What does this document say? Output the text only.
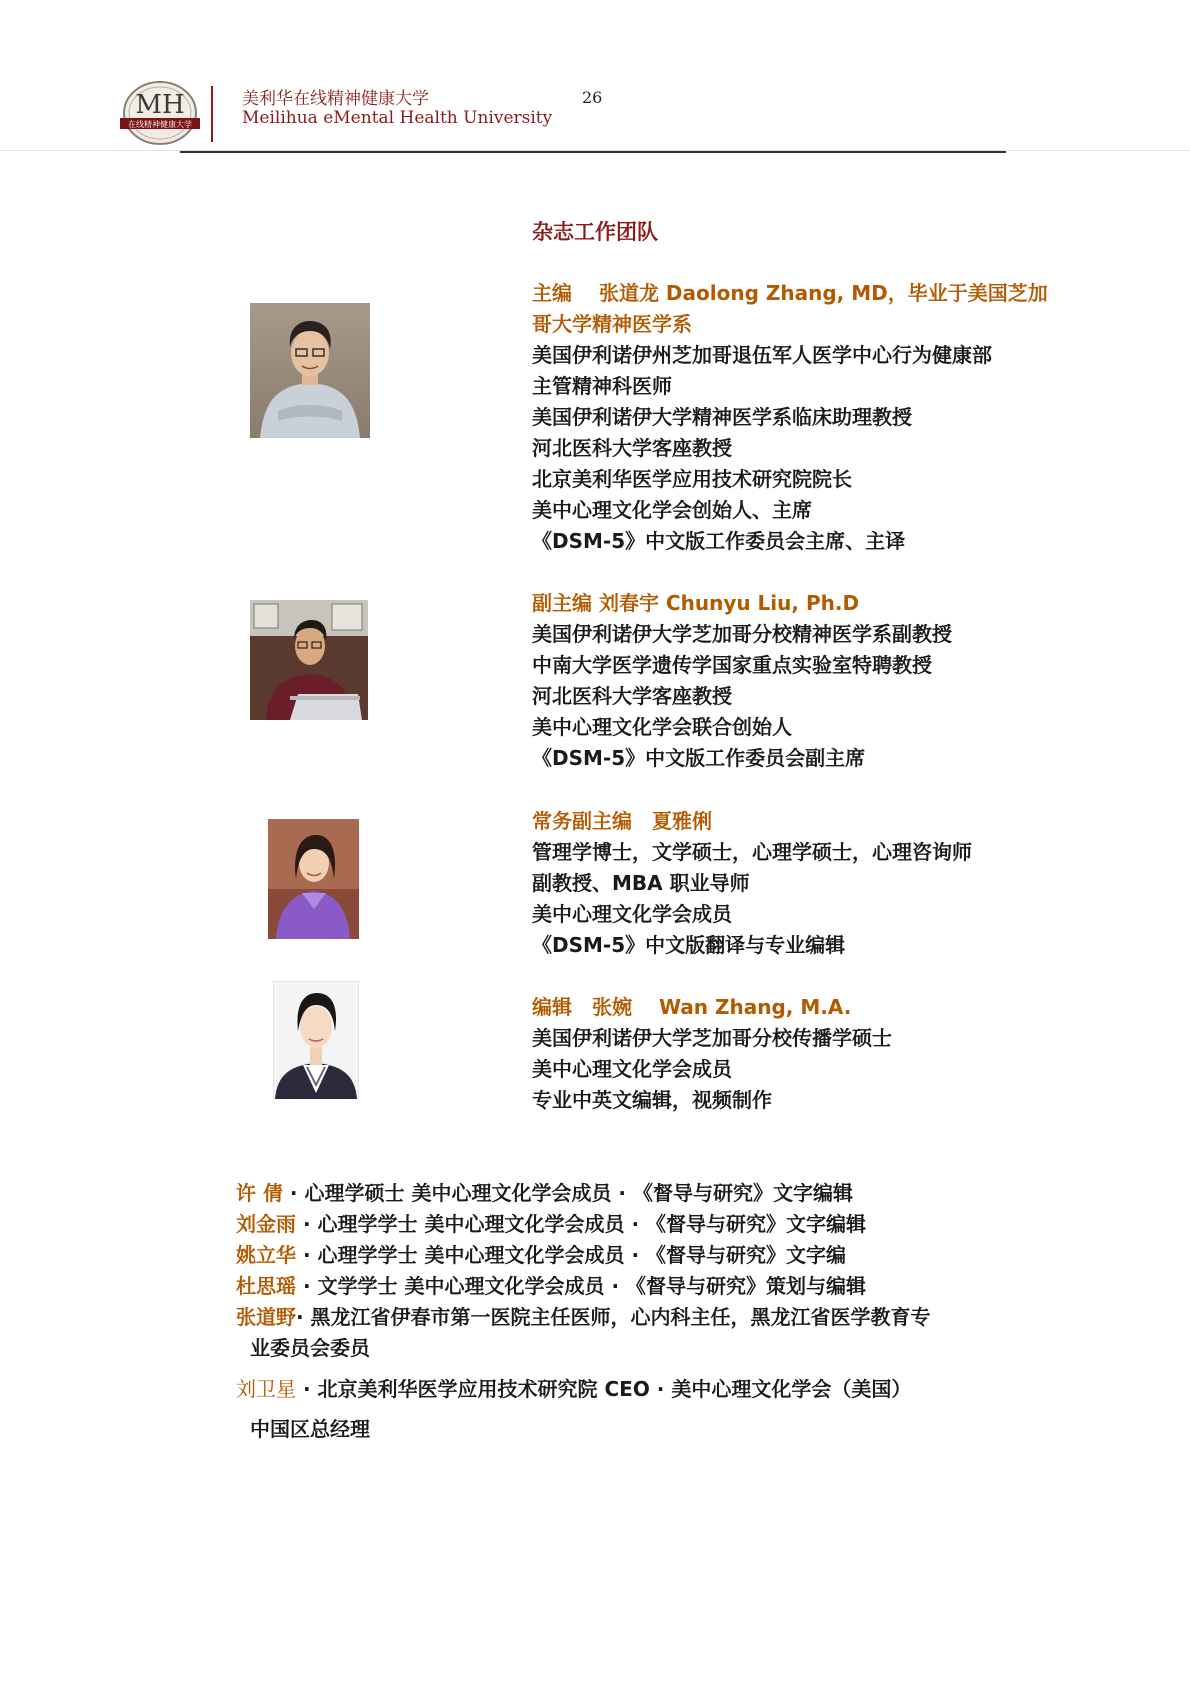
MH
在线精神健康大学
美利华在线精神健康大学
Meilihua eMental Health University
26
杂志工作团队
主编　 张道龙 Daolong Zhang, MD，毕业于美国芝加哥大学精神医学系
美国伊利诺伊州芝加哥退伍军人医学中心行为健康部
主管精神科医师
美国伊利诺伊大学精神医学系临床助理教授
河北医科大学客座教授
北京美利华医学应用技术研究院院长
美中心理文化学会创始人、主席
《DSM-5》中文版工作委员会主席、主译
副主编 刘春宇 Chunyu Liu, Ph.D
美国伊利诺伊大学芝加哥分校精神医学系副教授
中南大学医学遗传学国家重点实验室特聘教授
河北医科大学客座教授
美中心理文化学会联合创始人
《DSM-5》中文版工作委员会副主席
常务副主编　夏雅俐
管理学博士，文学硕士，心理学硕士，心理咨询师
副教授、MBA 职业导师
美中心理文化学会成员
《DSM-5》中文版翻译与专业编辑
编辑　张婉　 Wan Zhang, M.A.
美国伊利诺伊大学芝加哥分校传播学硕士
美中心理文化学会成员
专业中英文编辑，视频制作
许 倩 · 心理学硕士 美中心理文化学会成员 · 《督导与研究》文字编辑
刘金雨 · 心理学学士 美中心理文化学会成员 · 《督导与研究》文字编辑
姚立华 · 心理学学士 美中心理文化学会成员 · 《督导与研究》文字编
杜思瑶 · 文学学士 美中心理文化学会成员 · 《督导与研究》策划与编辑
张道野· 黑龙江省伊春市第一医院主任医师，心内科主任，黑龙江省医学教育专
业委员会委员
刘卫星 · 北京美利华医学应用技术研究院 CEO · 美中心理文化学会（美国）
中国区总经理
